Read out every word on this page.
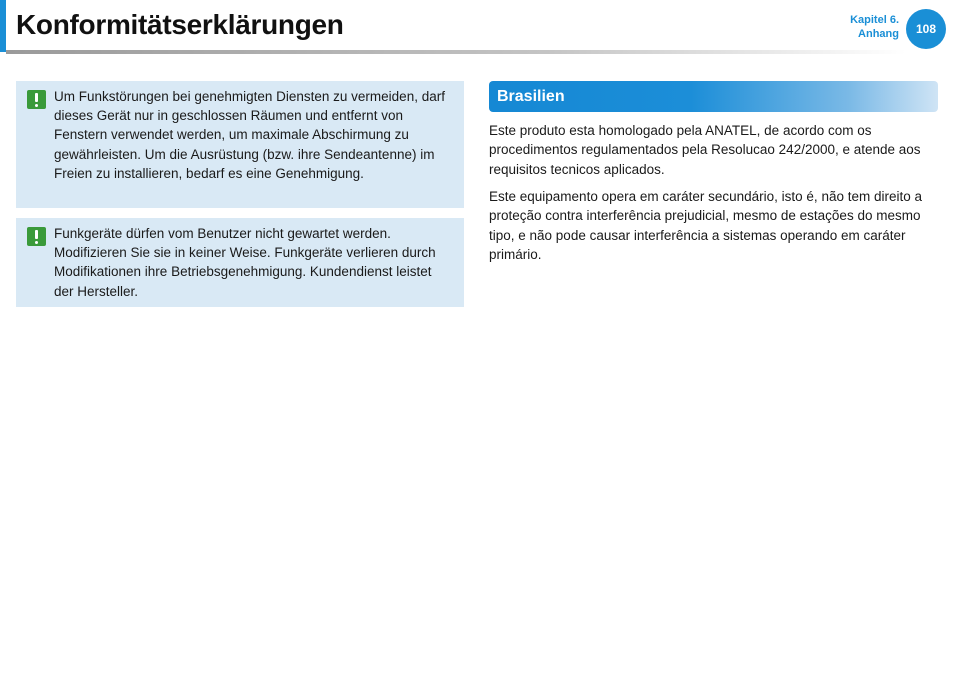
Konformitätserklärungen	Kapitel 6.
Anhang	108

Um Funkstörungen bei genehmigten Diensten zu vermeiden, darf dieses Gerät nur in geschlossen Räumen und entfernt von Fenstern verwendet werden, um maximale Abschirmung zu gewährleisten. Um die Ausrüstung (bzw. ihre Sendeantenne) im Freien zu installieren, bedarf es eine Genehmigung.

Funkgeräte dürfen vom Benutzer nicht gewartet werden. Modifizieren Sie sie in keiner Weise. Funkgeräte verlieren durch Modifikationen ihre Betriebsgenehmigung. Kundendienst leistet der Hersteller.

Brasilien

Este produto esta homologado pela ANATEL, de acordo com os procedimentos regulamentados pela Resolucao 242/2000, e atende aos requisitos tecnicos aplicados.

Este equipamento opera em caráter secundário, isto é, não tem direito a proteção contra interferência prejudicial, mesmo de estações do mesmo tipo, e não pode causar interferência a sistemas operando em caráter primário.
